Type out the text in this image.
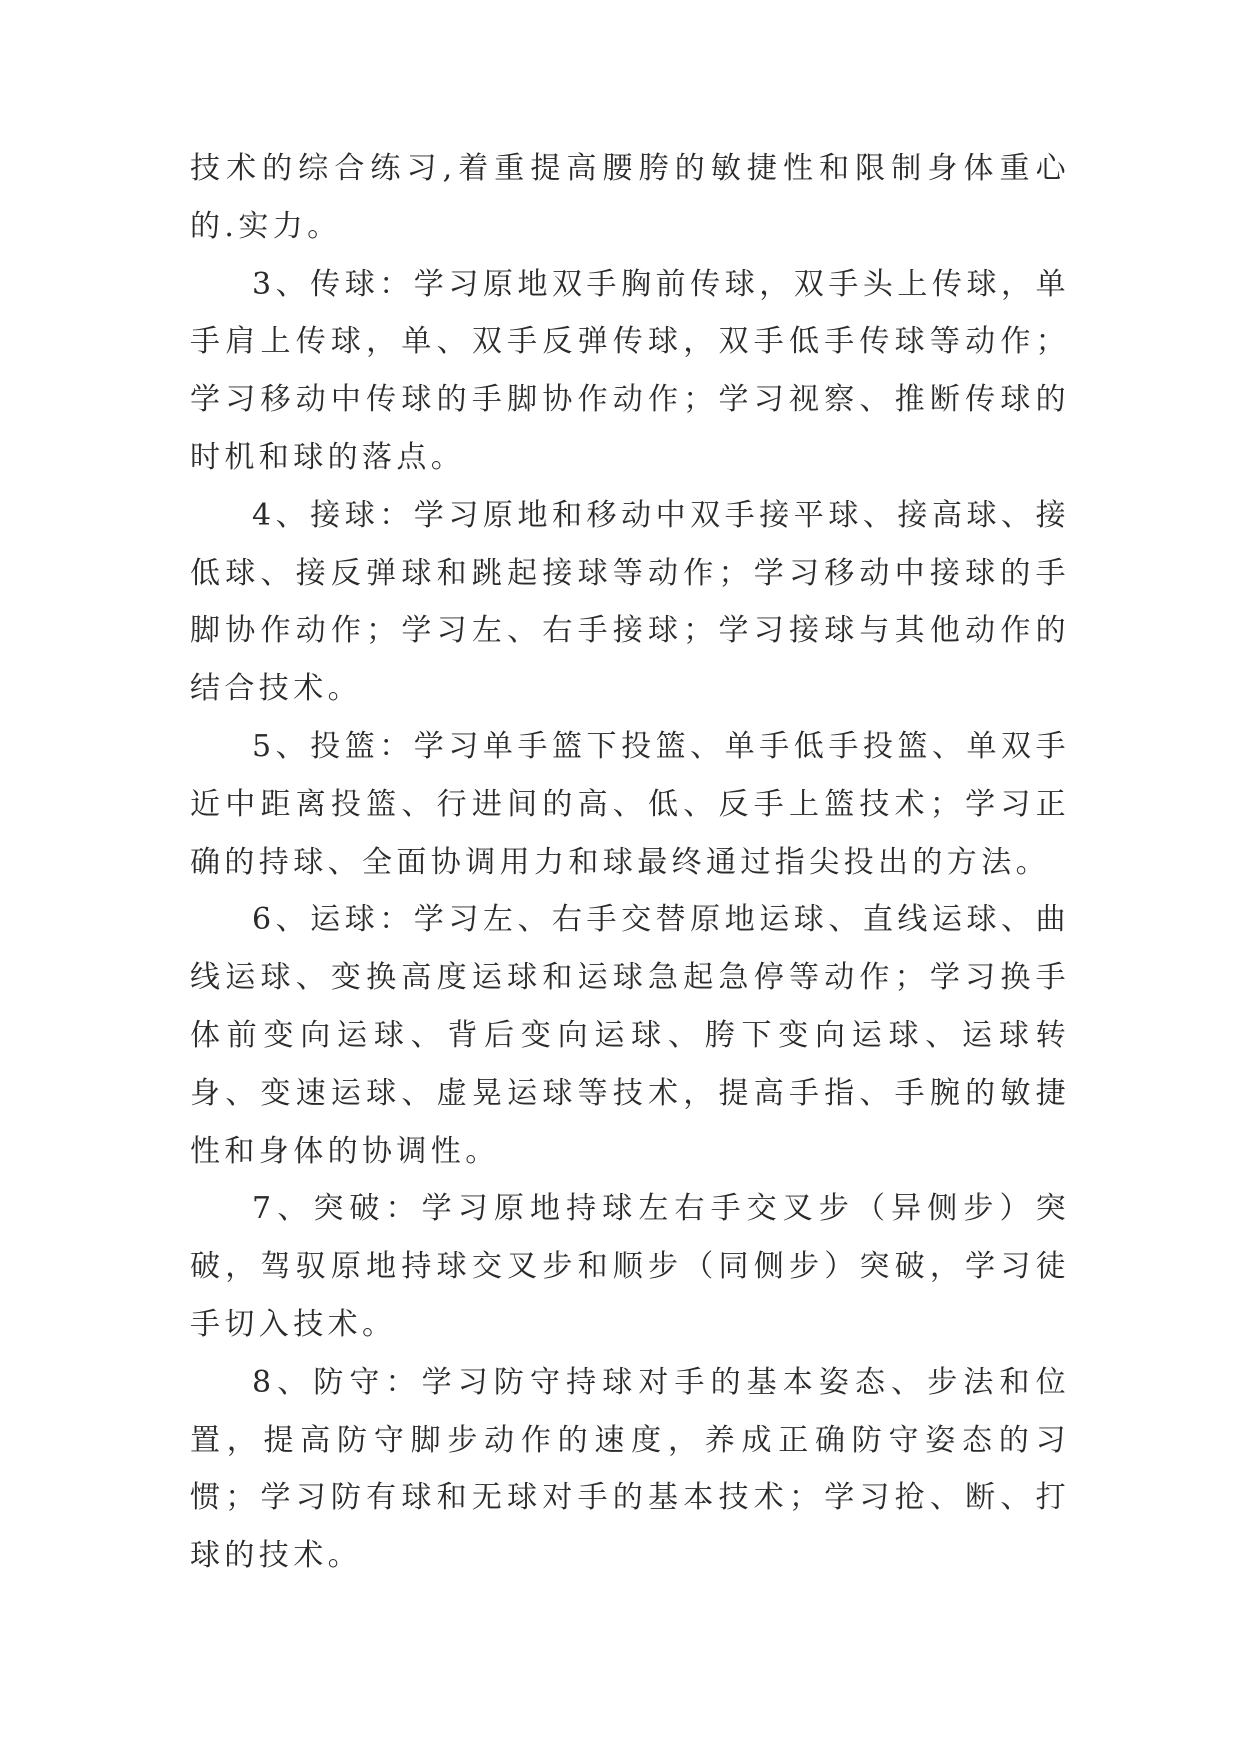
技术的综合练习,着重提高腰胯的敏捷性和限制身体重心的.实力。

3、传球：学习原地双手胸前传球，双手头上传球，单手肩上传球，单、双手反弹传球，双手低手传球等动作；学习移动中传球的手脚协作动作；学习视察、推断传球的时机和球的落点。

4、接球：学习原地和移动中双手接平球、接高球、接低球、接反弹球和跳起接球等动作；学习移动中接球的手脚协作动作；学习左、右手接球；学习接球与其他动作的结合技术。

5、投篮：学习单手篮下投篮、单手低手投篮、单双手近中距离投篮、行进间的高、低、反手上篮技术；学习正确的持球、全面协调用力和球最终通过指尖投出的方法。

6、运球：学习左、右手交替原地运球、直线运球、曲线运球、变换高度运球和运球急起急停等动作；学习换手体前变向运球、背后变向运球、胯下变向运球、运球转身、变速运球、虚晃运球等技术，提高手指、手腕的敏捷性和身体的协调性。

7、突破：学习原地持球左右手交叉步（异侧步）突破，驾驭原地持球交叉步和顺步（同侧步）突破，学习徒手切入技术。

8、防守：学习防守持球对手的基本姿态、步法和位置，提高防守脚步动作的速度，养成正确防守姿态的习惯；学习防有球和无球对手的基本技术；学习抢、断、打球的技术。
